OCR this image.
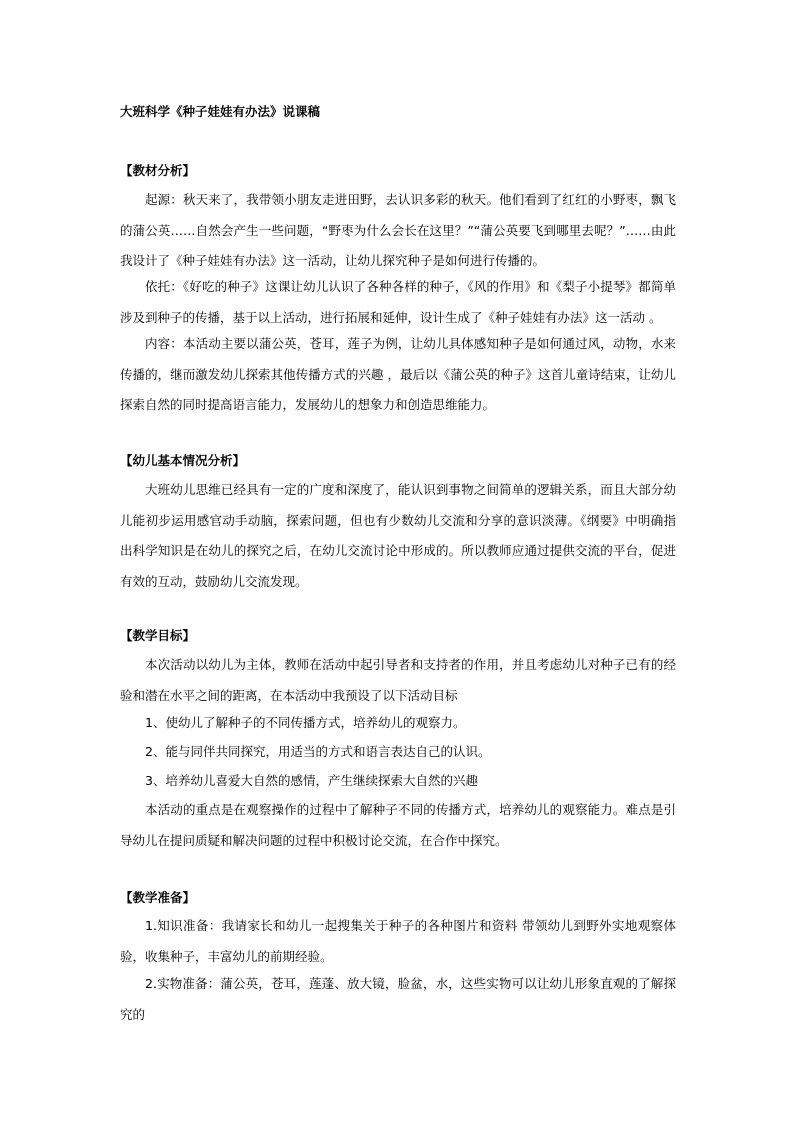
大班科学《种子娃娃有办法》说课稿
【教材分析】

起源：秋天来了，我带领小朋友走进田野，去认识多彩的秋天。他们看到了红红的小野枣，飘飞的蒲公英……自然会产生一些问题，“野枣为什么会长在这里？”“蒲公英要飞到哪里去呢？”……由此我设计了《种子娃娃有办法》这一活动，让幼儿探究种子是如何进行传播的。

依托：《好吃的种子》这课让幼儿认识了各种各样的种子，《风的作用》和《梨子小提琴》都简单涉及到种子的传播，基于以上活动，进行拓展和延伸，设计生成了《种子娃娃有办法》这一活动 。

内容：本活动主要以蒲公英，苍耳，莲子为例，让幼儿具体感知种子是如何通过风，动物，水来传播的，继而激发幼儿探索其他传播方式的兴趣 ，最后以《蒲公英的种子》这首儿童诗结束，让幼儿探索自然的同时提高语言能力，发展幼儿的想象力和创造思维能力。

【幼儿基本情况分析】

大班幼儿思维已经具有一定的广度和深度了，能认识到事物之间简单的逻辑关系，而且大部分幼儿能初步运用感官动手动脑，探索问题，但也有少数幼儿交流和分享的意识淡薄。《纲要》中明确指出科学知识是在幼儿的探究之后，在幼儿交流讨论中形成的。所以教师应通过提供交流的平台，促进有效的互动，鼓励幼儿交流发现。

【教学目标】

本次活动以幼儿为主体，教师在活动中起引导者和支持者的作用，并且考虑幼儿对种子已有的经验和潜在水平之间的距离，在本活动中我预设了以下活动目标

1、使幼儿了解种子的不同传播方式，培养幼儿的观察力。

2、能与同伴共同探究，用适当的方式和语言表达自己的认识。

3、培养幼儿喜爱大自然的感情，产生继续探索大自然的兴趣

本活动的重点是在观察操作的过程中了解种子不同的传播方式，培养幼儿的观察能力。难点是引导幼儿在提问质疑和解决问题的过程中积极讨论交流，在合作中探究。

【教学准备】

1.知识准备：我请家长和幼儿一起搜集关于种子的各种图片和资料 带领幼儿到野外实地观察体验，收集种子，丰富幼儿的前期经验。

2.实物准备：蒲公英，苍耳，莲蓬、放大镜，脸盆，水，这些实物可以让幼儿形象直观的了解探究的
